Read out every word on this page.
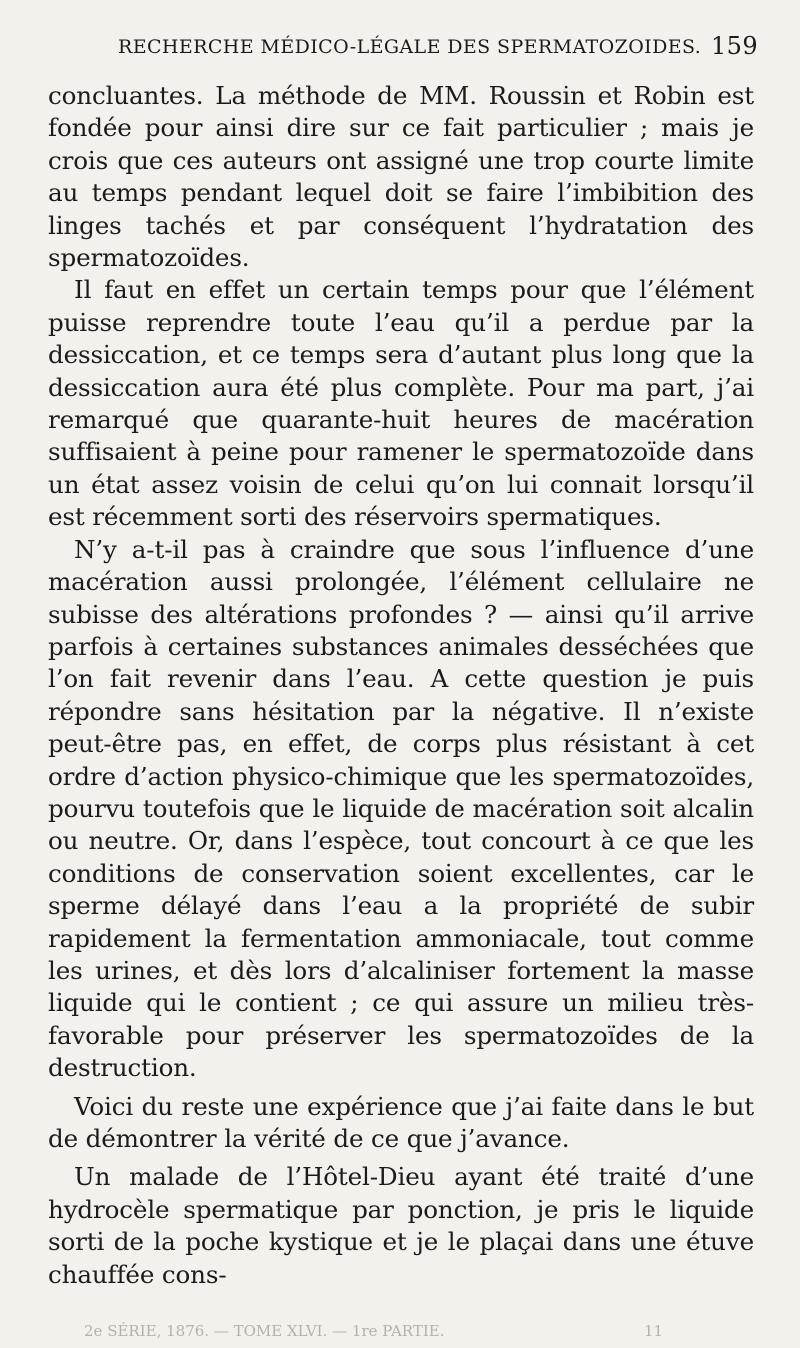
RECHERCHE MÉDICO-LÉGALE DES SPERMATOZOIDES. 159

concluantes. La méthode de MM. Roussin et Robin est fondée pour ainsi dire sur ce fait particulier ; mais je crois que ces auteurs ont assigné une trop courte limite au temps pendant lequel doit se faire l’imbibition des linges tachés et par conséquent l’hydratation des spermatozoïdes.

Il faut en effet un certain temps pour que l’élément puisse reprendre toute l’eau qu’il a perdue par la dessiccation, et ce temps sera d’autant plus long que la dessiccation aura été plus complète. Pour ma part, j’ai remarqué que quarante-huit heures de macération suffisaient à peine pour ramener le spermatozoïde dans un état assez voisin de celui qu’on lui connait lorsqu’il est récemment sorti des réservoirs spermatiques.

N’y a-t-il pas à craindre que sous l’influence d’une macération aussi prolongée, l’élément cellulaire ne subisse des altérations profondes ? — ainsi qu’il arrive parfois à certaines substances animales desséchées que l’on fait revenir dans l’eau. A cette question je puis répondre sans hésitation par la négative. Il n’existe peut-être pas, en effet, de corps plus résistant à cet ordre d’action physico-chimique que les spermatozoïdes, pourvu toutefois que le liquide de macération soit alcalin ou neutre. Or, dans l’espèce, tout concourt à ce que les conditions de conservation soient excellentes, car le sperme délayé dans l’eau a la propriété de subir rapidement la fermentation ammoniacale, tout comme les urines, et dès lors d’alcaliniser fortement la masse liquide qui le contient ; ce qui assure un milieu très-favorable pour préserver les spermatozoïdes de la destruction.

Voici du reste une expérience que j’ai faite dans le but de démontrer la vérité de ce que j’avance.

Un malade de l’Hôtel-Dieu ayant été traité d’une hydrocèle spermatique par ponction, je pris le liquide sorti de la poche kystique et je le plaçai dans une étuve chauffée cons-

2e SÉRIE, 1876. — TOME XLVI. — 1re PARTIE.	11
